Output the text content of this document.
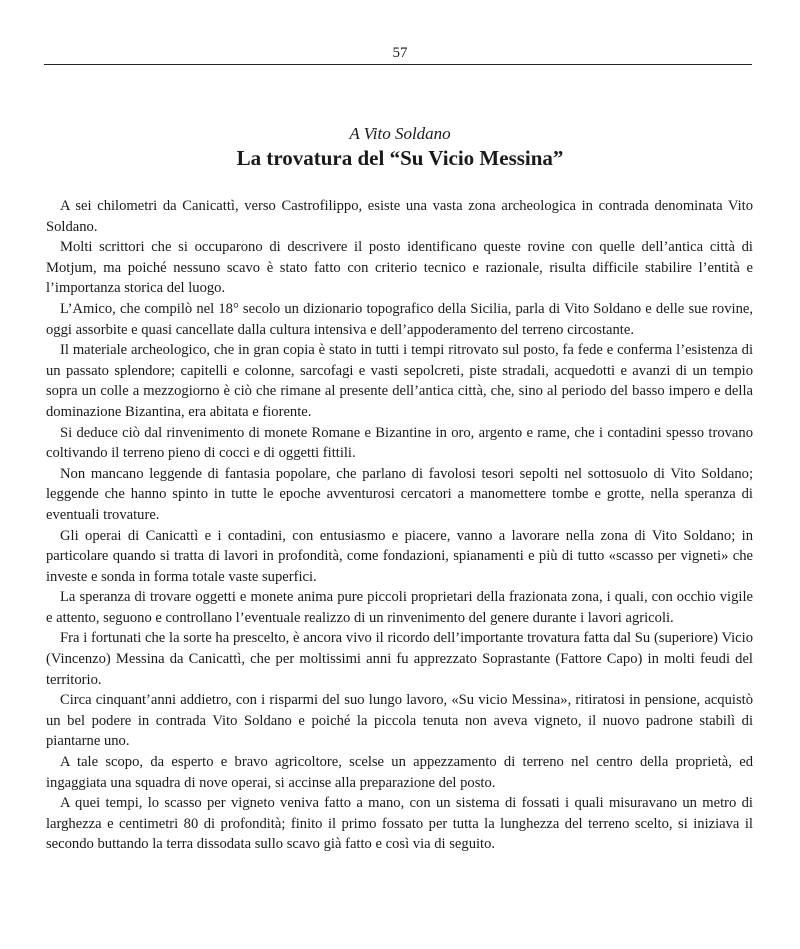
57
A Vito Soldano
La trovatura del “Su Vicio Messina”

A sei chilometri da Canicattì, verso Castrofilippo, esiste una vasta zona archeologica in contrada denominata Vito Soldano.

Molti scrittori che si occuparono di descrivere il posto identificano queste rovine con quelle dell’antica città di Motjum, ma poiché nessuno scavo è stato fatto con criterio tecnico e razionale, risulta difficile stabilire l’entità e l’importanza storica del luogo.

L’Amico, che compilò nel 18° secolo un dizionario topografico della Sicilia, parla di Vito Soldano e delle sue rovine, oggi assorbite e quasi cancellate dalla cultura intensiva e dell’appoderamento del terreno circostante.

Il materiale archeologico, che in gran copia è stato in tutti i tempi ritrovato sul posto, fa fede e conferma l’esistenza di un passato splendore; capitelli e colonne, sarcofagi e vasti sepolcreti, piste stradali, acquedotti e avanzi di un tempio sopra un colle a mezzogiorno è ciò che rimane al presente dell’antica città, che, sino al periodo del basso impero e della dominazione Bizantina, era abitata e fiorente.

Si deduce ciò dal rinvenimento di monete Romane e Bizantine in oro, argento e rame, che i contadini spesso trovano coltivando il terreno pieno di cocci e di oggetti fittili.

Non mancano leggende di fantasia popolare, che parlano di favolosi tesori sepolti nel sottosuolo di Vito Soldano; leggende che hanno spinto in tutte le epoche avventurosi cercatori a manomettere tombe e grotte, nella speranza di eventuali trovature.

Gli operai di Canicattì e i contadini, con entusiasmo e piacere, vanno a lavorare nella zona di Vito Soldano; in particolare quando si tratta di lavori in profondità, come fondazioni, spianamenti e più di tutto «scasso per vigneti» che investe e sonda in forma totale vaste superfici.

La speranza di trovare oggetti e monete anima pure piccoli proprietari della frazionata zona, i quali, con occhio vigile e attento, seguono e controllano l’eventuale realizzo di un rinvenimento del genere durante i lavori agricoli.

Fra i fortunati che la sorte ha prescelto, è ancora vivo il ricordo dell’importante trovatura fatta dal Su (superiore) Vicio (Vincenzo) Messina da Canicattì, che per moltissimi anni fu apprezzato Soprastante (Fattore Capo) in molti feudi del territorio.

Circa cinquant’anni addietro, con i risparmi del suo lungo lavoro, «Su vicio Messina», ritiratosi in pensione, acquistò un bel podere in contrada Vito Soldano e poiché la piccola tenuta non aveva vigneto, il nuovo padrone stabilì di piantarne uno.

A tale scopo, da esperto e bravo agricoltore, scelse un appezzamento di terreno nel centro della proprietà, ed ingaggiata una squadra di nove operai, si accinse alla preparazione del posto.

A quei tempi, lo scasso per vigneto veniva fatto a mano, con un sistema di fossati i quali misuravano un metro di larghezza e centimetri 80 di profondità; finito il primo fossato per tutta la lunghezza del terreno scelto, si iniziava il secondo buttando la terra dissodata sullo scavo già fatto e così via di seguito.
